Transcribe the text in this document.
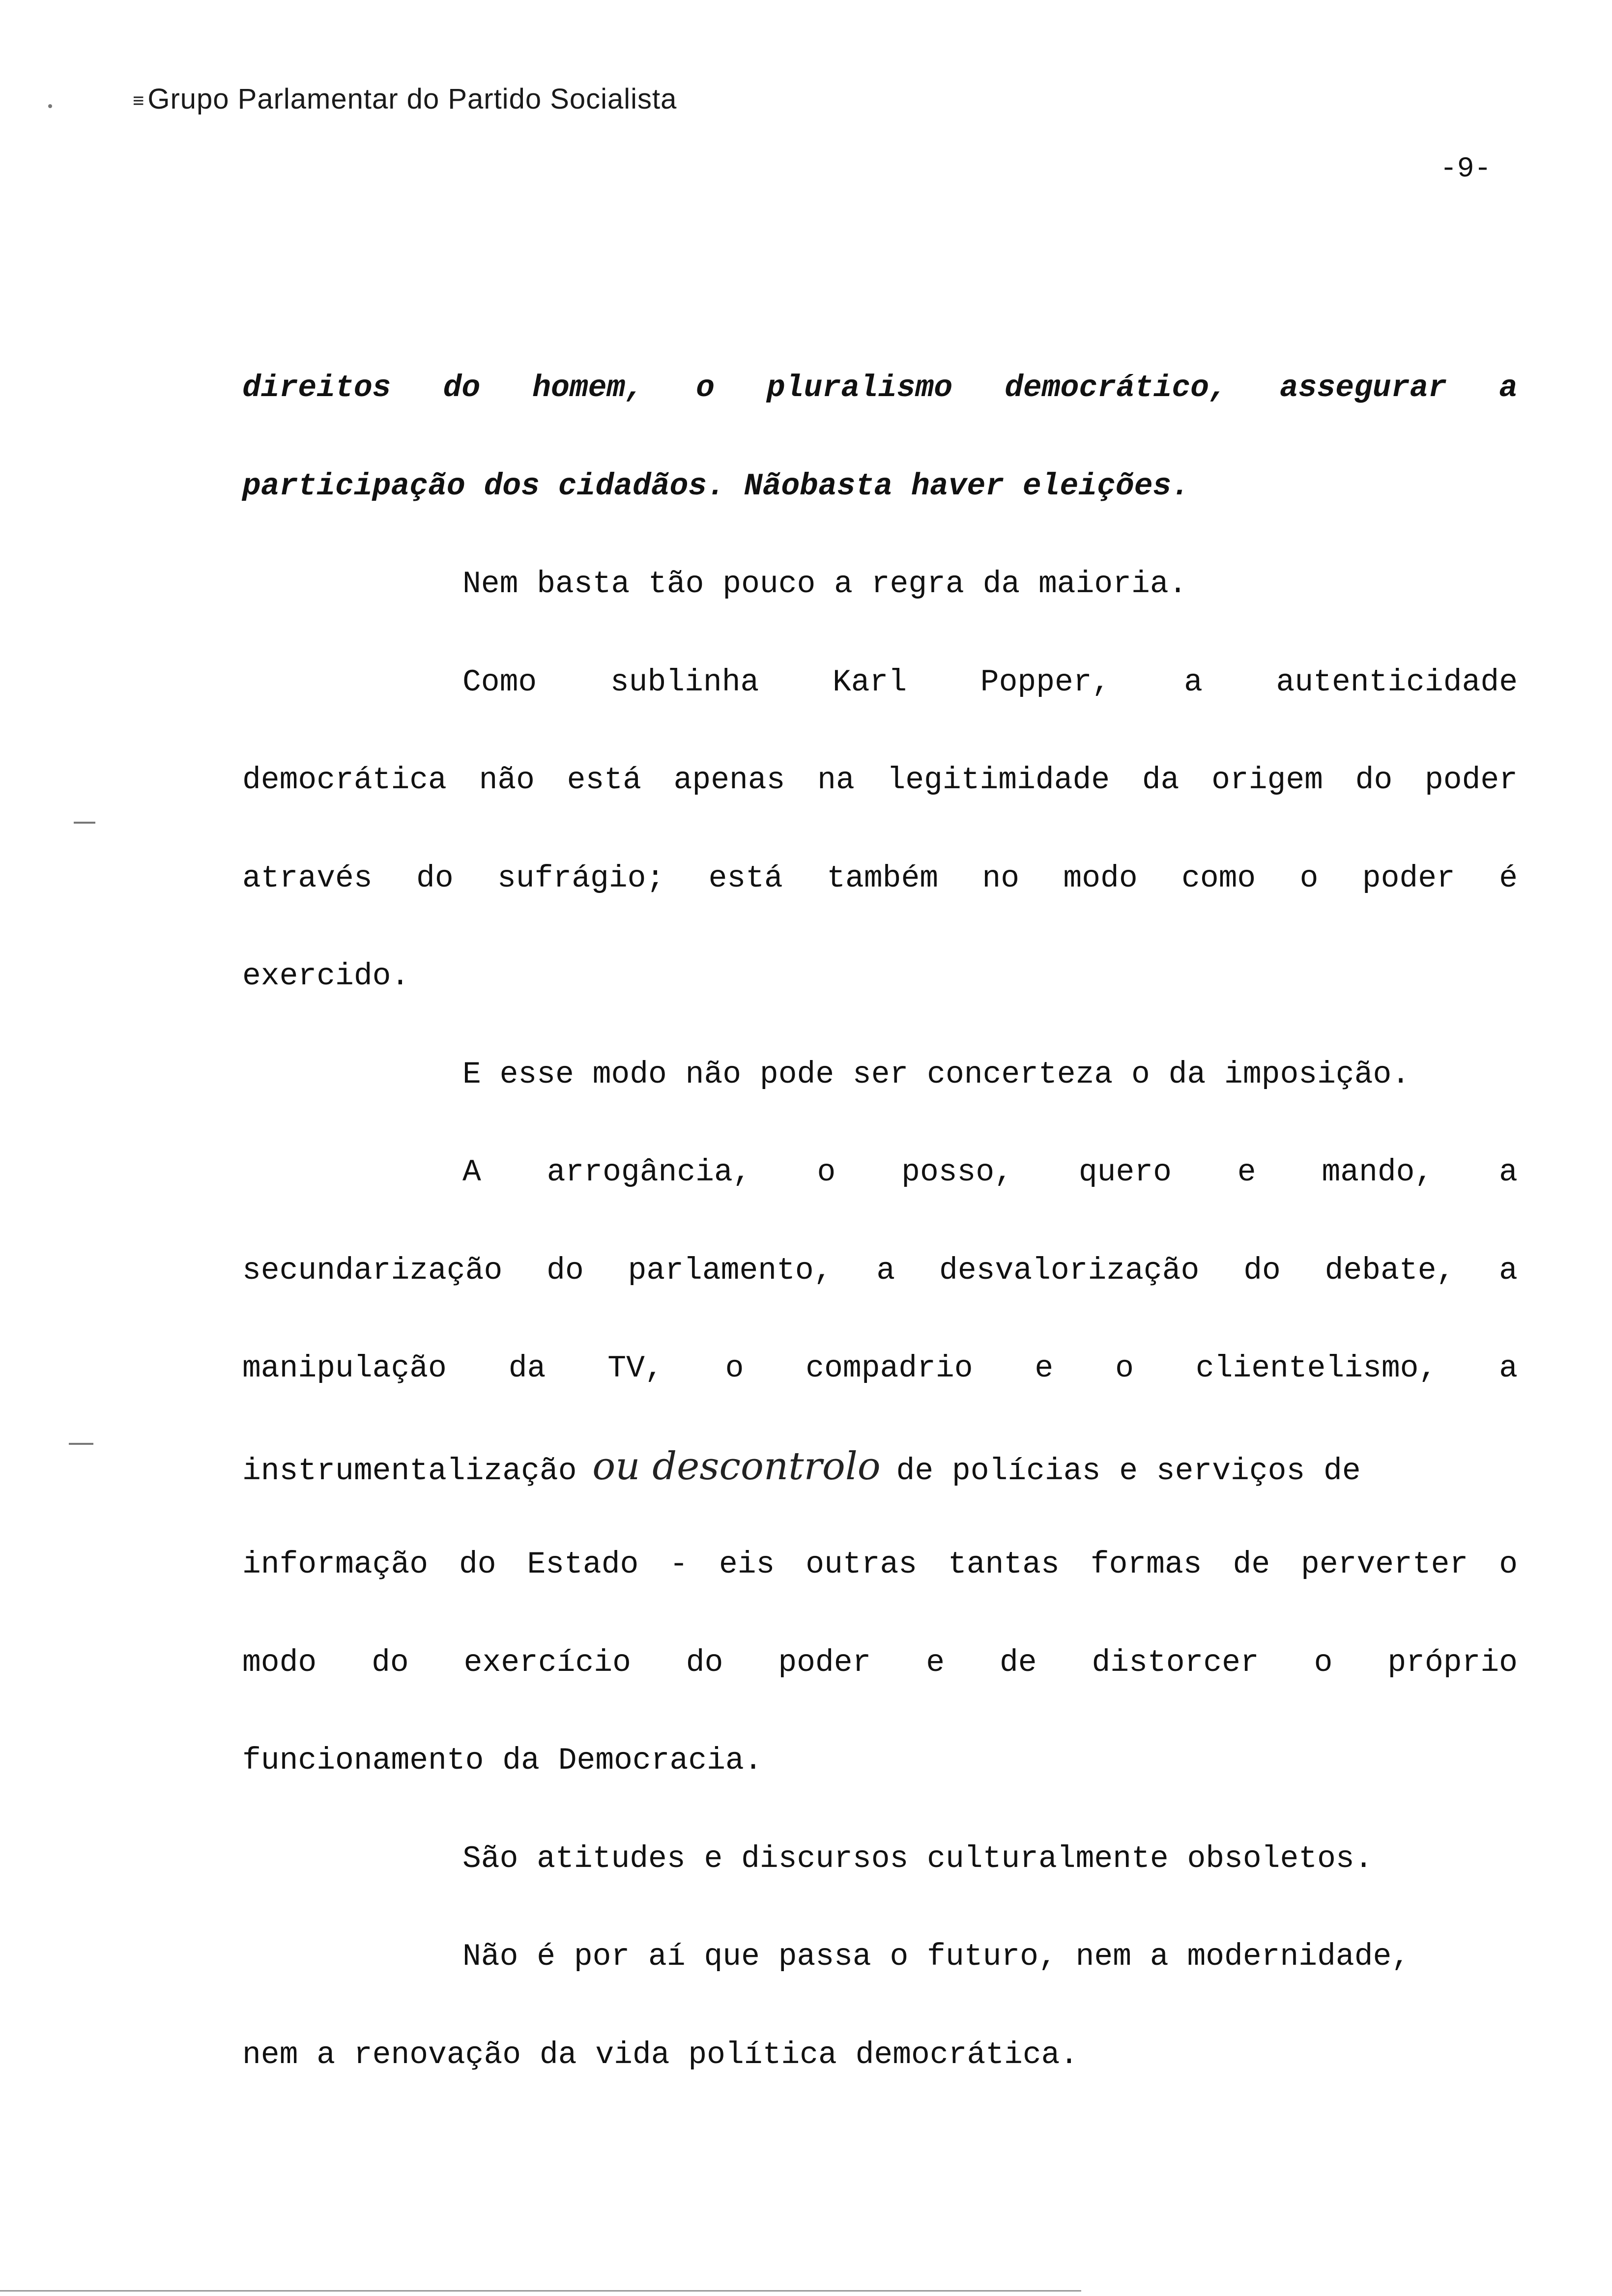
≡ Grupo Parlamentar do Partido Socialista
-9-
direitos do homem, o pluralismo democrático, assegurar a
participação dos cidadãos. Nãobasta haver eleições.
Nem basta tão pouco a regra da maioria.
Como sublinha Karl Popper, a autenticidade
democrática não está apenas na legitimidade da origem do poder
através do sufrágio; está também no modo como o poder é
exercido.
E esse modo não pode ser concerteza o da imposição.
A arrogância, o posso, quero e mando, a
secundarização do parlamento, a desvalorização do debate, a
manipulação da TV, o compadrio e o clientelismo, a
instrumentalização ou descontrolo de polícias e serviços de
informação do Estado - eis outras tantas formas de perverter o
modo do exercício do poder e de distorcer o próprio
funcionamento da Democracia.
São atitudes e discursos culturalmente obsoletos.
Não é por aí que passa o futuro, nem a modernidade,
nem a renovação da vida política democrática.
